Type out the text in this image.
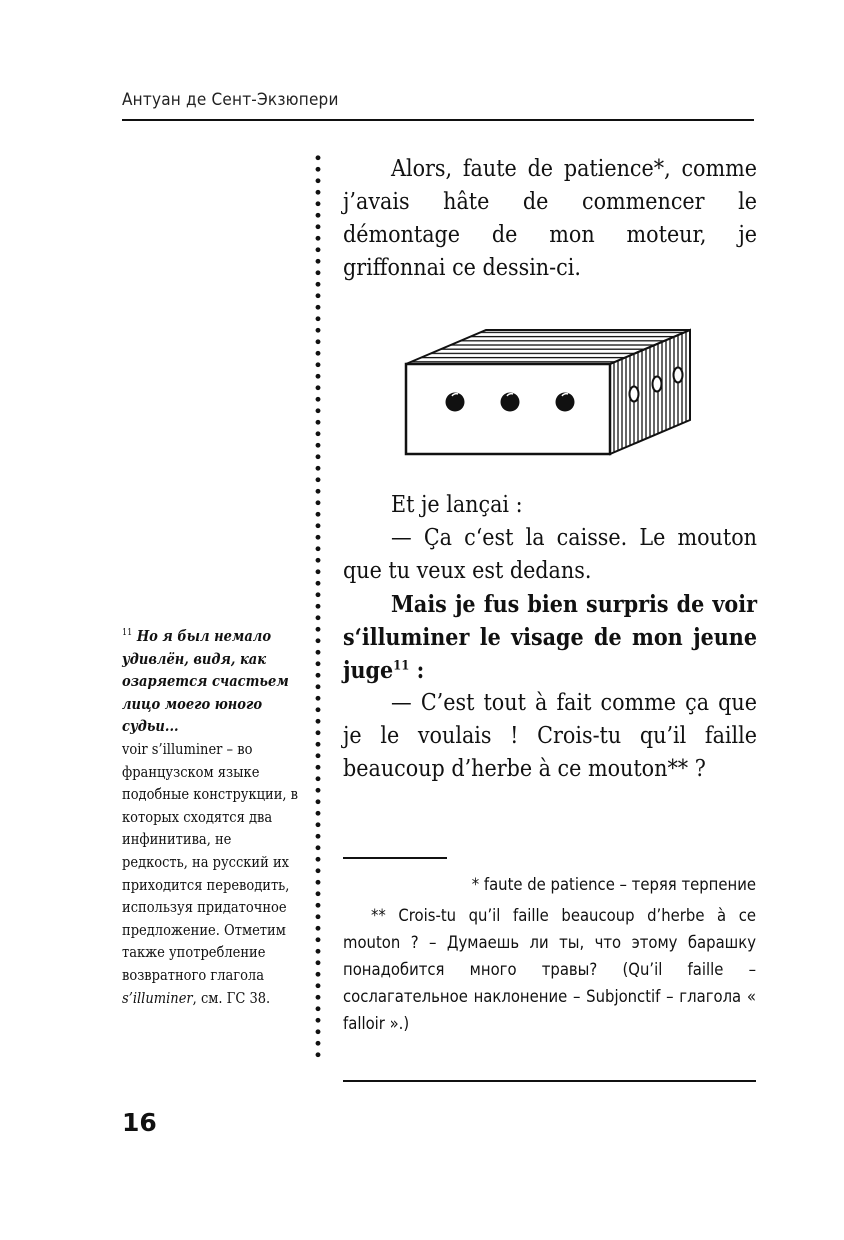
Антуан де Сент-Экзюпери

Alors, faute de patience*, comme j’avais hâte de commencer le démontage de mon moteur, je griffonnai ce dessin-ci.

Et je lançai :

— Ça c‘est la caisse. Le mouton que tu veux est dedans.

Mais je fus bien surpris de voir s‘illuminer le visage de mon jeune juge$^{11}$ :

— C’est tout à fait comme ça que je le voulais ! Crois-tu qu’il faille beaucoup d’herbe à ce mouton** ?

$^{11}$ Но я был немало удивлён, видя, как озаряется счастьем лицо моего юного судьи...
voir s’illuminer – во французском языке подобные конструкции, в которых сходятся два инфинитива, не редкость, на русский их приходится переводить, используя придаточное предложение. Отметим также употребление возвратного глагола s’illuminer, см. ГС 38.

* faute de patience – теряя терпение

** Crois-tu qu’il faille beaucoup d’herbe à ce mouton ? – Думаешь ли ты, что этому барашку понадобится много травы? (Qu’il faille – сослагательное наклонение – Subjonctif – глагола « falloir ».)

16
